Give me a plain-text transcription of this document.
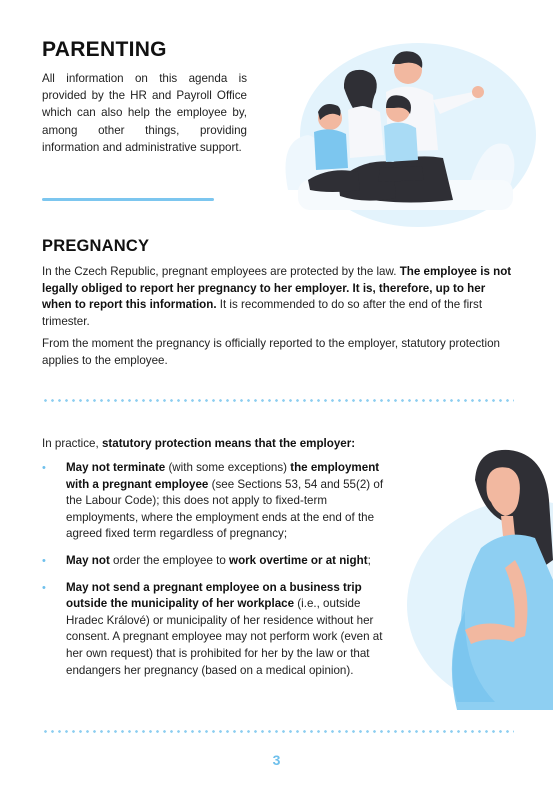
PARENTING

All information on this agenda is provided by the HR and Payroll Office which can also help the employee by, among other things, providing information and administrative support.

PREGNANCY

In the Czech Republic, pregnant employees are protected by the law. The employee is not legally obliged to report her pregnancy to her employer. It is, therefore, up to her when to report this information. It is recommended to do so after the end of the first trimester.

From the moment the pregnancy is officially reported to the employer, statutory protection applies to the employee.

In practice, statutory protection means that the employer:

• May not terminate (with some exceptions) the employment with a pregnant employee (see Sections 53, 54 and 55(2) of the Labour Code); this does not apply to fixed-term employments, where the employment ends at the end of the agreed fixed term regardless of pregnancy;
• May not order the employee to work overtime or at night;
• May not send a pregnant employee on a business trip outside the municipality of her workplace (i.e., outside Hradec Králové) or municipality of her residence without her consent. A pregnant employee may not perform work (even at her own request) that is prohibited for her by the law or that endangers her pregnancy (based on a medical opinion).
3
